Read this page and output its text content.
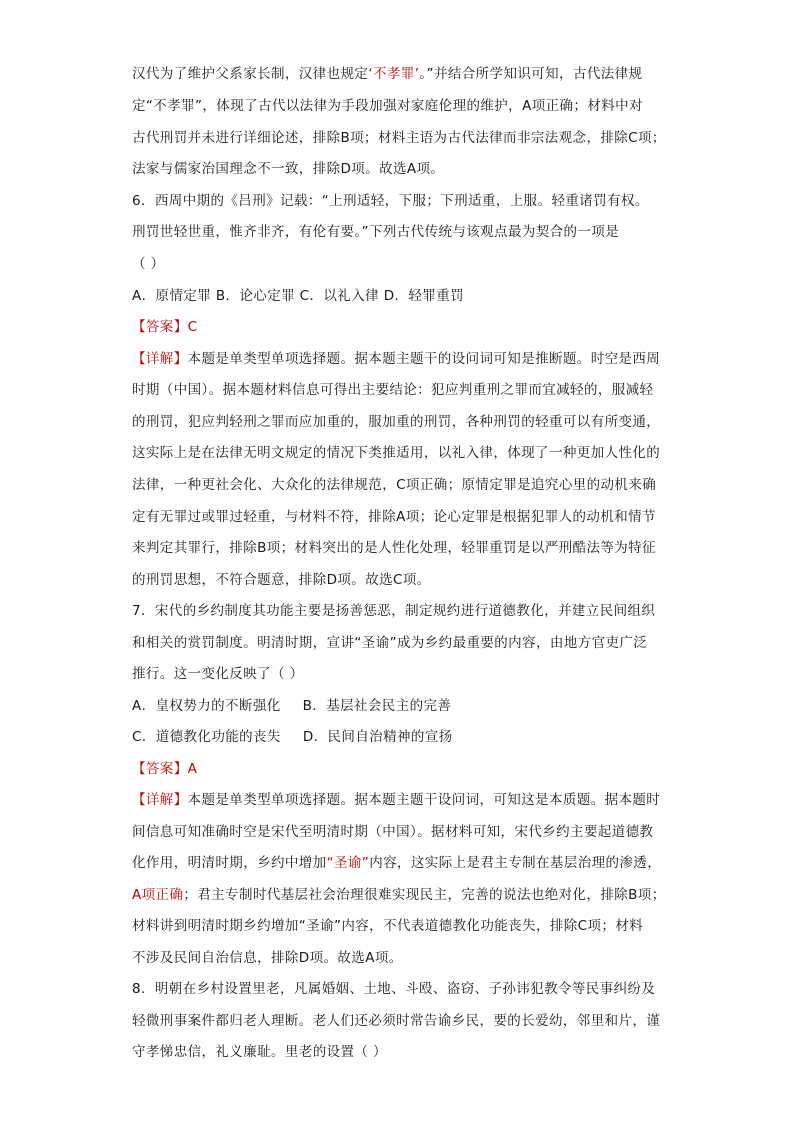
汉代为了维护父系家长制，汉律也规定‘不孝罪’。”并结合所学知识可知，古代法律规
定“不孝罪”，体现了古代以法律为手段加强对家庭伦理的维护，A项正确；材料中对
古代刑罚并未进行详细论述，排除B项；材料主语为古代法律而非宗法观念，排除C项；
法家与儒家治国理念不一致，排除D项。故选A项。
6．西周中期的《吕刑》记载：“上刑适轻，下服；下刑适重，上服。轻重诸罚有权。
刑罚世轻世重，惟齐非齐，有伦有要。”下列古代传统与该观点最为契合的一项是
（ ）
A．原情定罪 B．论心定罪 C．以礼入律 D．轻罪重罚
【答案】C
【详解】本题是单类型单项选择题。据本题主题干的设问词可知是推断题。时空是西周
时期（中国）。据本题材料信息可得出主要结论：犯应判重刑之罪而宜减轻的，服减轻
的刑罚，犯应判轻刑之罪而应加重的，服加重的刑罚，各种刑罚的轻重可以有所变通，
这实际上是在法律无明文规定的情况下类推适用，以礼入律，体现了一种更加人性化的
法律，一种更社会化、大众化的法律规范，C项正确；原情定罪是追究心里的动机来确
定有无罪过或罪过轻重，与材料不符，排除A项；论心定罪是根据犯罪人的动机和情节
来判定其罪行，排除B项；材料突出的是人性化处理，轻罪重罚是以严刑酷法等为特征
的刑罚思想，不符合题意，排除D项。故选C项。
7．宋代的乡约制度其功能主要是扬善惩恶，制定规约进行道德教化，并建立民间组织
和相关的赏罚制度。明清时期，宣讲“圣谕”成为乡约最重要的内容，由地方官吏广泛
推行。这一变化反映了（ ）
A．皇权势力的不断强化 B．基层社会民主的完善
C．道德教化功能的丧失 D．民间自治精神的宣扬
【答案】A
【详解】本题是单类型单项选择题。据本题主题干设问词，可知这是本质题。据本题时
间信息可知准确时空是宋代至明清时期（中国）。据材料可知，宋代乡约主要起道德教
化作用，明清时期，乡约中增加“圣谕”内容，这实际上是君主专制在基层治理的渗透，
A项正确；君主专制时代基层社会治理很难实现民主，完善的说法也绝对化，排除B项；
材料讲到明清时期乡约增加“圣谕”内容，不代表道德教化功能丧失，排除C项；材料
不涉及民间自治信息，排除D项。故选A项。
8．明朝在乡村设置里老，凡属婚姻、土地、斗殴、盗窃、子孙讳犯教令等民事纠纷及
轻微刑事案件都归老人理断。老人们还必须时常告谕乡民，要的长爱幼，邻里和片，谨
守孝悌忠信，礼义廉耻。里老的设置（ ）
